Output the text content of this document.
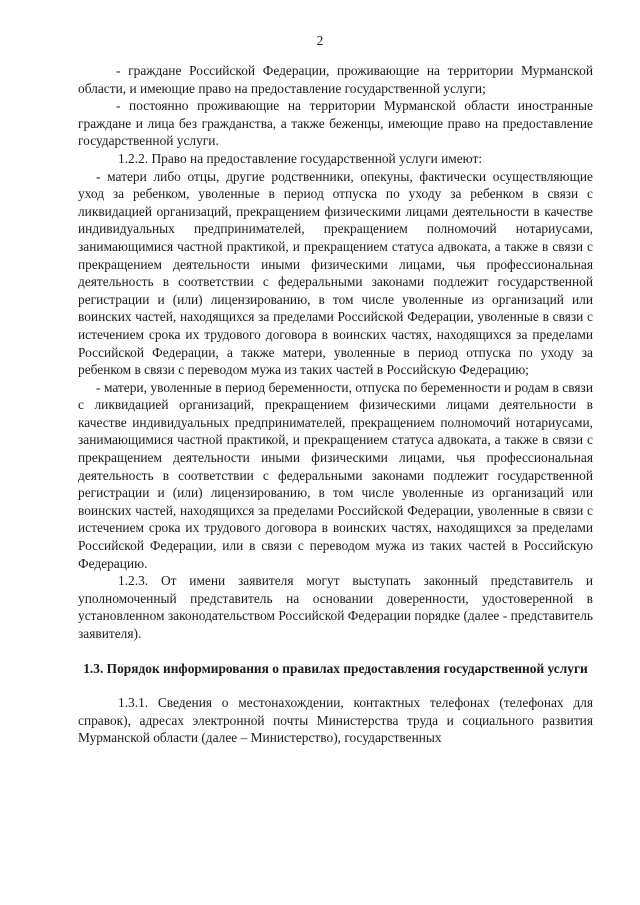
2

- граждане Российской Федерации, проживающие на территории Мурманской области, и имеющие право на предоставление государственной услуги;

- постоянно проживающие на территории Мурманской области иностранные граждане и лица без гражданства, а также беженцы, имеющие право на предоставление государственной услуги.

1.2.2. Право на предоставление государственной услуги имеют:

- матери либо отцы, другие родственники, опекуны, фактически осуществляющие уход за ребенком, уволенные в период отпуска по уходу за ребенком в связи с ликвидацией организаций, прекращением физическими лицами деятельности в качестве индивидуальных предпринимателей, прекращением полномочий нотариусами, занимающимися частной практикой, и прекращением статуса адвоката, а также в связи с прекращением деятельности иными физическими лицами, чья профессиональная деятельность в соответствии с федеральными законами подлежит государственной регистрации и (или) лицензированию, в том числе уволенные из организаций или воинских частей, находящихся за пределами Российской Федерации, уволенные в связи с истечением срока их трудового договора в воинских частях, находящихся за пределами Российской Федерации, а также матери, уволенные в период отпуска по уходу за ребенком в связи с переводом мужа из таких частей в Российскую Федерацию;

- матери, уволенные в период беременности, отпуска по беременности и родам в связи с ликвидацией организаций, прекращением физическими лицами деятельности в качестве индивидуальных предпринимателей, прекращением полномочий нотариусами, занимающимися частной практикой, и прекращением статуса адвоката, а также в связи с прекращением деятельности иными физическими лицами, чья профессиональная деятельность в соответствии с федеральными законами подлежит государственной регистрации и (или) лицензированию, в том числе уволенные из организаций или воинских частей, находящихся за пределами Российской Федерации, уволенные в связи с истечением срока их трудового договора в воинских частях, находящихся за пределами Российской Федерации, или в связи с переводом мужа из таких частей в Российскую Федерацию.

1.2.3. От имени заявителя могут выступать законный представитель и уполномоченный представитель на основании доверенности, удостоверенной в установленном законодательством Российской Федерации порядке (далее - представитель заявителя).

1.3. Порядок информирования о правилах предоставления государственной услуги

1.3.1. Сведения о местонахождении, контактных телефонах (телефонах для справок), адресах электронной почты Министерства труда и социального развития Мурманской области (далее – Министерство), государственных
